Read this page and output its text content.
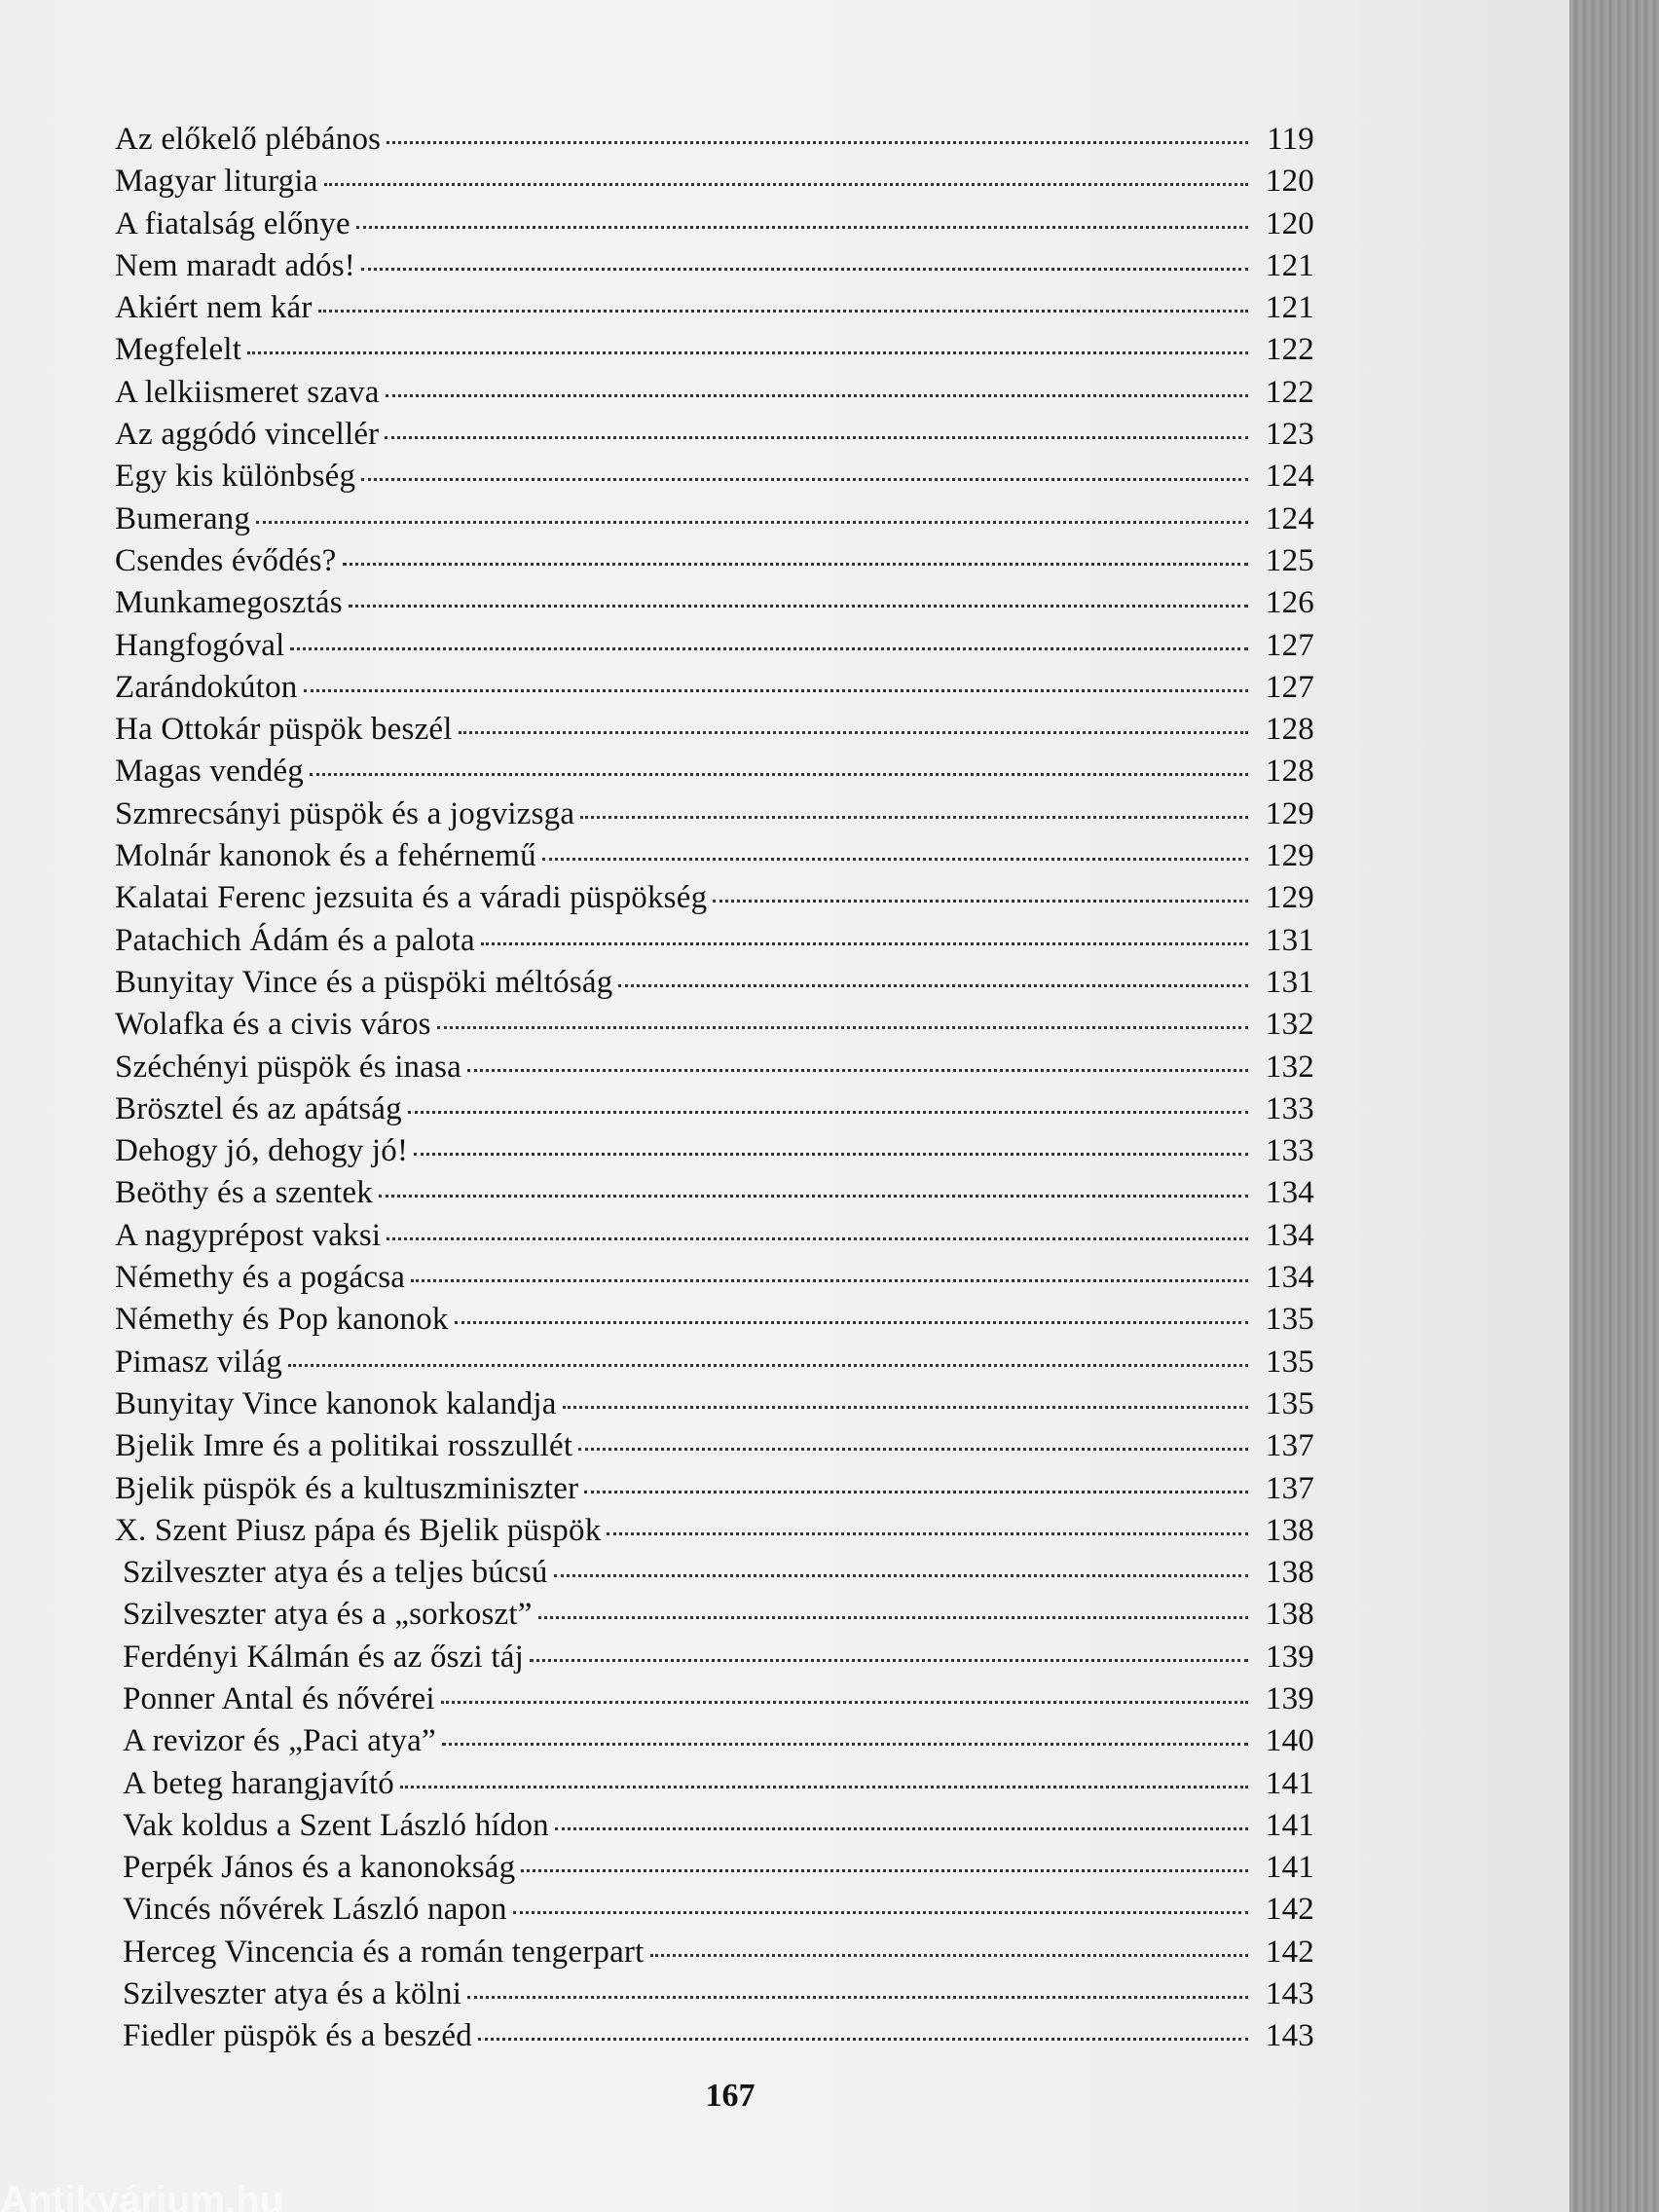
Az előkelő plébános	119
Magyar liturgia	120
A fiatalság előnye	120
Nem maradt adós!	121
Akiért nem kár	121
Megfelelt	122
A lelkiismeret szava	122
Az aggódó vincellér	123
Egy kis különbség	124
Bumerang	124
Csendes évődés?	125
Munkamegosztás	126
Hangfogóval	127
Zarándokúton	127
Ha Ottokár püspök beszél	128
Magas vendég	128
Szmrecsányi püspök és a jogvizsga	129
Molnár kanonok és a fehérnemű	129
Kalatai Ferenc jezsuita és a váradi püspökség	129
Patachich Ádám és a palota	131
Bunyitay Vince és a püspöki méltóság	131
Wolafka és a civis város	132
Széchényi püspök és inasa	132
Brösztel és az apátság	133
Dehogy jó, dehogy jó!	133
Beöthy és a szentek	134
A nagyprépost vaksi	134
Némethy és a pogácsa	134
Némethy és Pop kanonok	135
Pimasz világ	135
Bunyitay Vince kanonok kalandja	135
Bjelik Imre és a politikai rosszullét	137
Bjelik püspök és a kultuszminiszter	137
X. Szent Piusz pápa és Bjelik püspök	138
Szilveszter atya és a teljes búcsú	138
Szilveszter atya és a „sorkoszt”	138
Ferdényi Kálmán és az őszi táj	139
Ponner Antal és nővérei	139
A revizor és „Paci atya”	140
A beteg harangjavító	141
Vak koldus a Szent László hídon	141
Perpék János és a kanonokság	141
Vincés nővérek László napon	142
Herceg Vincencia és a román tengerpart	142
Szilveszter atya és a kölni	143
Fiedler püspök és a beszéd	143
167
Antikvárium.hu
